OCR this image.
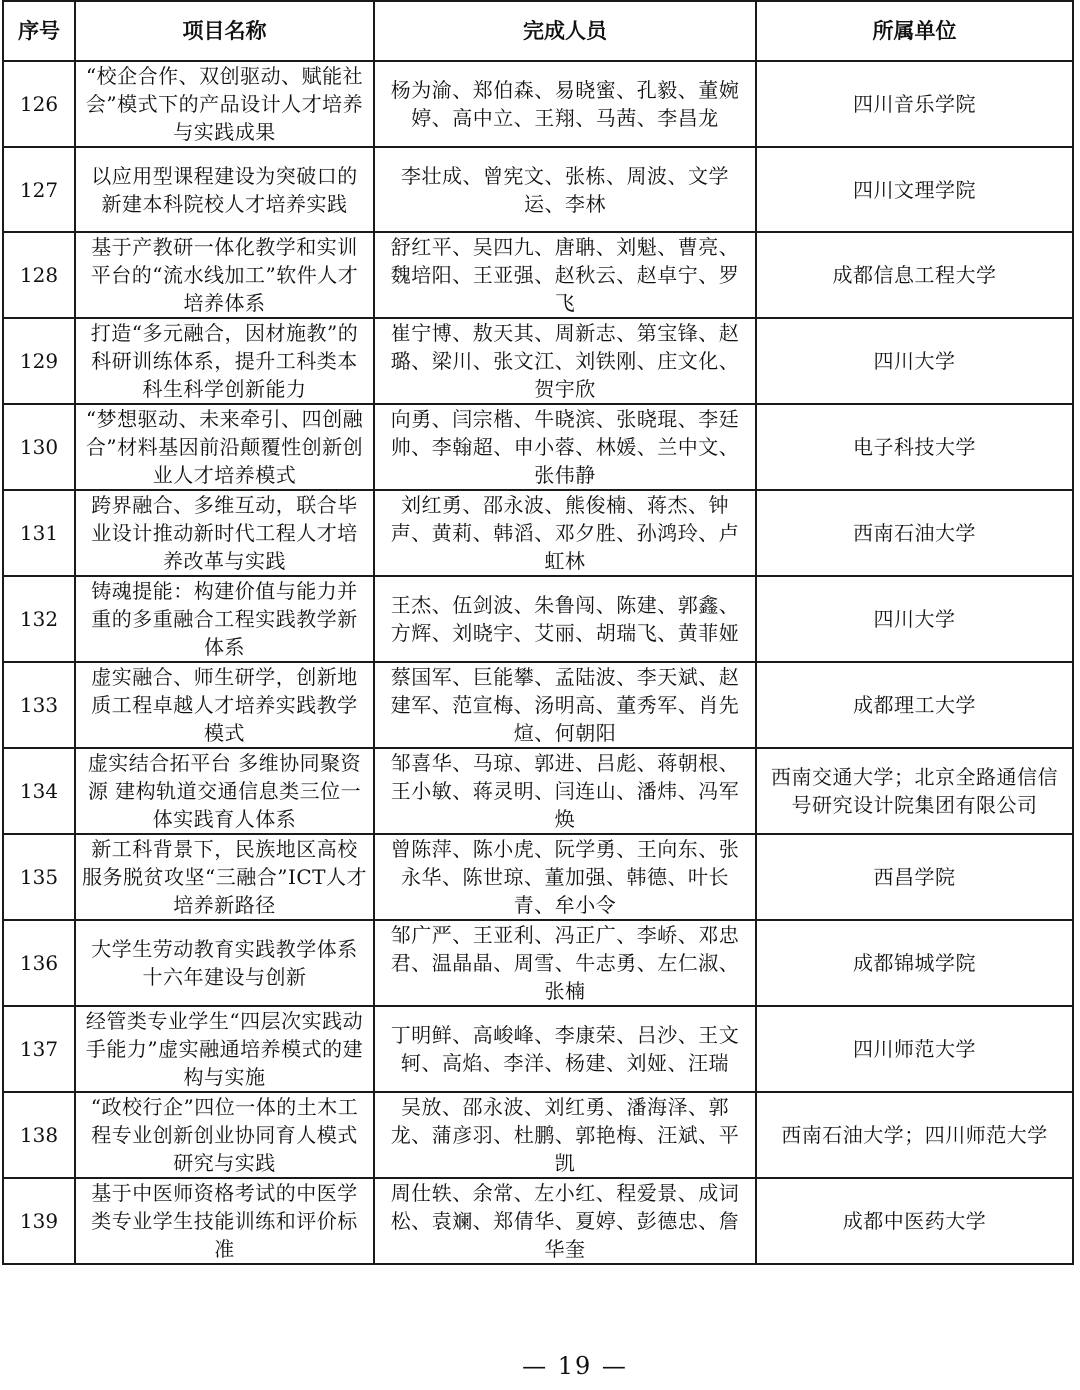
序号	项目名称	完成人员	所属单位
126	“校企合作、双创驱动、赋能社会”模式下的产品设计人才培养与实践成果	杨为渝、郑伯森、易晓蜜、孔毅、董婉婷、高中立、王翔、马茜、李昌龙	四川音乐学院
127	以应用型课程建设为突破口的新建本科院校人才培养实践	李壮成、曾宪文、张栋、周波、文学运、李林	四川文理学院
128	基于产教研一体化教学和实训平台的“流水线加工”软件人才培养体系	舒红平、吴四九、唐聃、刘魁、曹亮、魏培阳、王亚强、赵秋云、赵卓宁、罗飞	成都信息工程大学
129	打造“多元融合，因材施教”的科研训练体系，提升工科类本科生科学创新能力	崔宁博、敖天其、周新志、第宝锋、赵璐、梁川、张文江、刘铁刚、庄文化、贺宇欣	四川大学
130	“梦想驱动、未来牵引、四创融合”材料基因前沿颠覆性创新创业人才培养模式	向勇、闫宗楷、牛晓滨、张晓琨、李廷帅、李翰超、申小蓉、林媛、兰中文、张伟静	电子科技大学
131	跨界融合、多维互动，联合毕业设计推动新时代工程人才培养改革与实践	刘红勇、邵永波、熊俊楠、蒋杰、钟声、黄莉、韩滔、邓夕胜、孙鸿玲、卢虹林	西南石油大学
132	铸魂提能：构建价值与能力并重的多重融合工程实践教学新体系	王杰、伍剑波、朱鲁闯、陈建、郭鑫、方辉、刘晓宇、艾丽、胡瑞飞、黄菲娅	四川大学
133	虚实融合、师生研学，创新地质工程卓越人才培养实践教学模式	蔡国军、巨能攀、孟陆波、李天斌、赵建军、范宣梅、汤明高、董秀军、肖先煊、何朝阳	成都理工大学
134	虚实结合拓平台 多维协同聚资源 建构轨道交通信息类三位一体实践育人体系	邹喜华、马琼、郭进、吕彪、蒋朝根、王小敏、蒋灵明、闫连山、潘炜、冯军焕	西南交通大学；北京全路通信信号研究设计院集团有限公司
135	新工科背景下，民族地区高校服务脱贫攻坚“三融合”ICT人才培养新路径	曾陈萍、陈小虎、阮学勇、王向东、张永华、陈世琼、董加强、韩德、叶长青、牟小令	西昌学院
136	大学生劳动教育实践教学体系十六年建设与创新	邹广严、王亚利、冯正广、李峤、邓忠君、温晶晶、周雪、牛志勇、左仁淑、张楠	成都锦城学院
137	经管类专业学生“四层次实践动手能力”虚实融通培养模式的建构与实施	丁明鲜、高峻峰、李康荣、吕沙、王文轲、高焰、李洋、杨建、刘娅、汪瑞	四川师范大学
138	“政校行企”四位一体的土木工程专业创新创业协同育人模式研究与实践	吴放、邵永波、刘红勇、潘海泽、郭龙、蒲彦羽、杜鹏、郭艳梅、汪斌、平凯	西南石油大学；四川师范大学
139	基于中医师资格考试的中医学类专业学生技能训练和评价标准	周仕轶、余常、左小红、程爱景、成词松、袁斓、郑倩华、夏婷、彭德忠、詹华奎	成都中医药大学
— 19 —
